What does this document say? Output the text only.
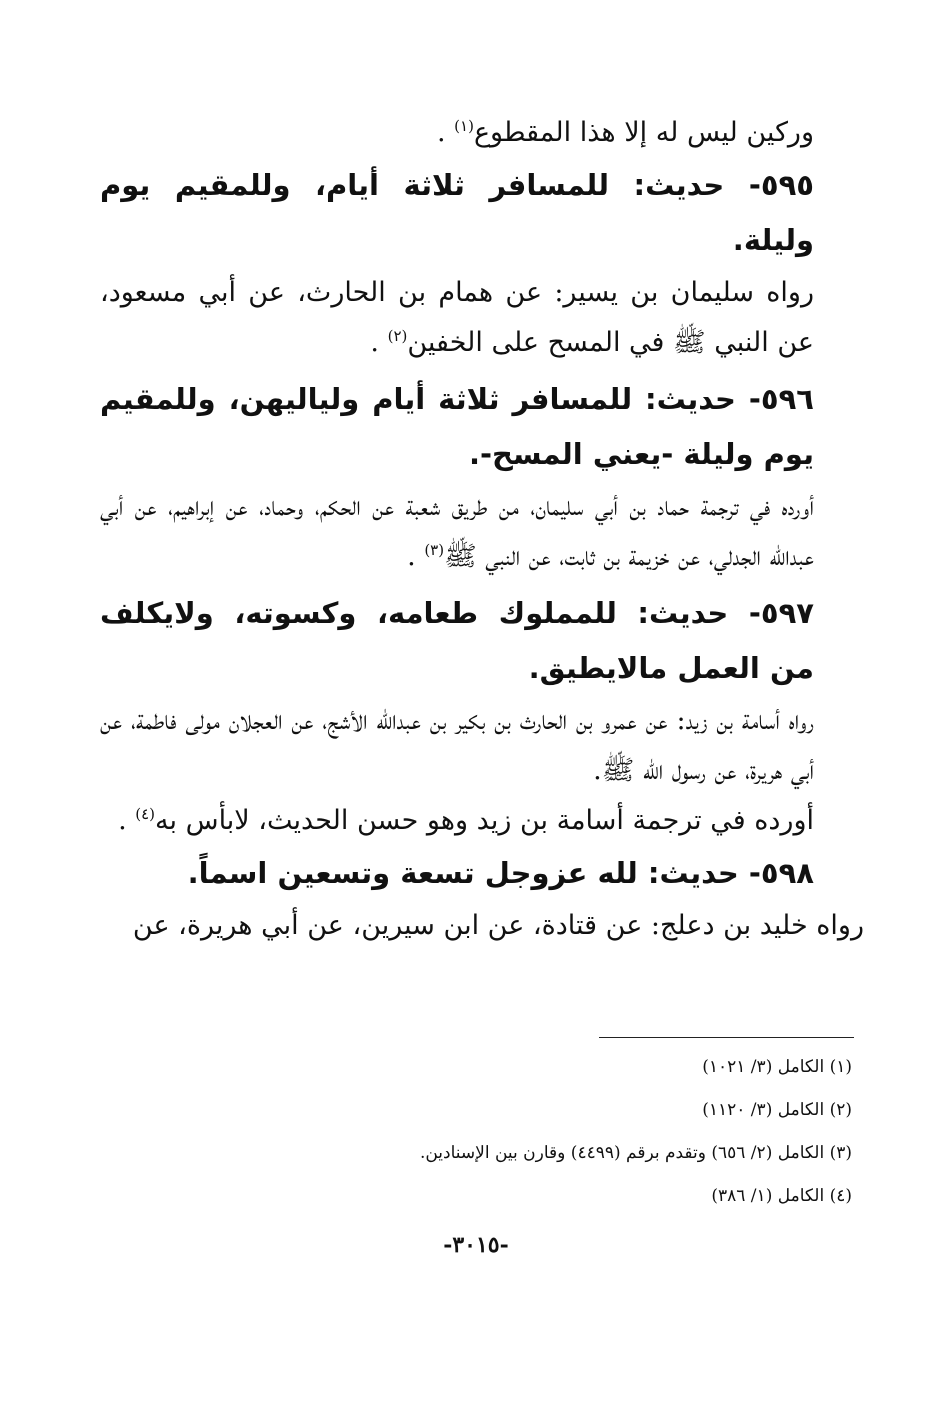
وركين ليس له إلا هذا المقطوع$^{(١)}$ .

٥٩٥- حديث: للمسافر ثلاثة أيام، وللمقيم يوم وليلة.

رواه سليمان بن يسير: عن همام بن الحارث، عن أبي مسعود، عن النبي ﷺ في المسح على الخفين$^{(٢)}$ .

٥٩٦- حديث: للمسافر ثلاثة أيام ولياليهن، وللمقيم يوم وليلة -يعني المسح-.

أورده في ترجمة حماد بن أبي سليمان، من طريق شعبة عن الحكم، وحماد، عن إبراهيم، عن أبي عبدالله الجدلي، عن خزيمة بن ثابت، عن النبي ﷺ$^{(٣)}$ .

٥٩٧- حديث: للمملوك طعامه، وكسوته، ولايكلف من العمل مالايطيق.

رواه أسامة بن زيد: عن عمرو بن الحارث بن بكير بن عبدالله الأشج، عن العجلان مولى فاطمة، عن أبي هريرة، عن رسول الله ﷺ.

أورده في ترجمة أسامة بن زيد وهو حسن الحديث، لابأس به$^{(٤)}$ .

٥٩٨- حديث: لله عزوجل تسعة وتسعين اسماً.

رواه خليد بن دعلج: عن قتادة، عن ابن سيرين، عن أبي هريرة، عن

(١) الكامل (٣/ ١٠٢١)

(٢) الكامل (٣/ ١١٢٠)

(٣) الكامل (٢/ ٦٥٦) وتقدم برقم (٤٤٩٩) وقارن بين الإسنادين.

(٤) الكامل (١/ ٣٨٦)

-٣٠١٥-
